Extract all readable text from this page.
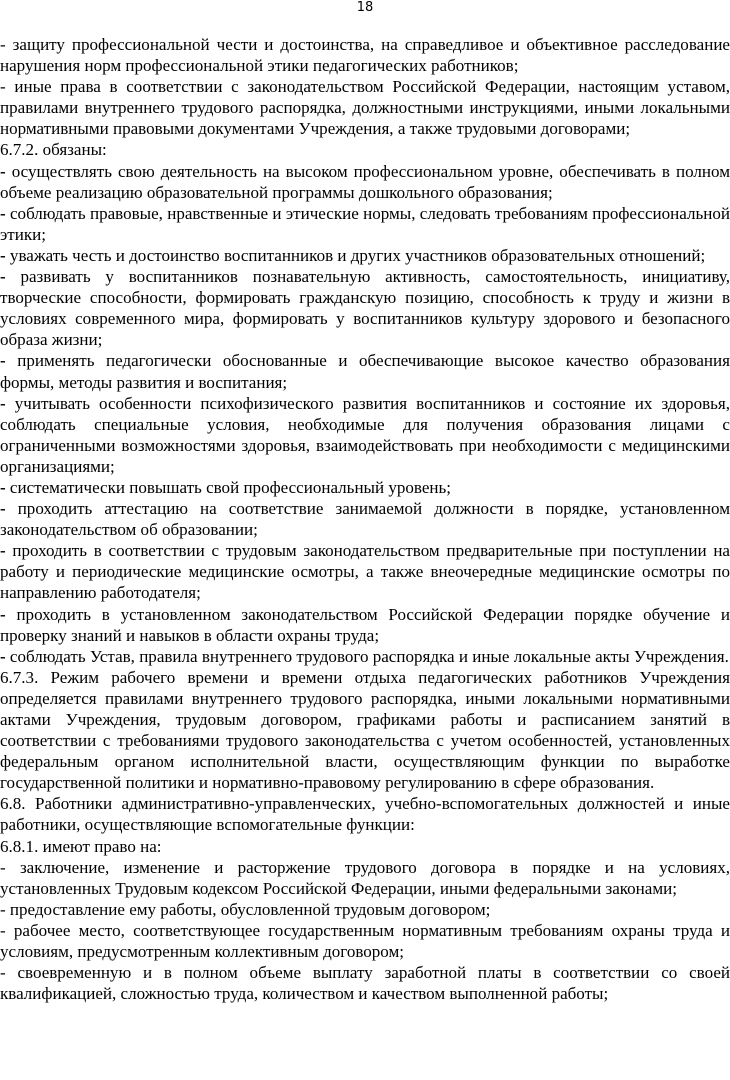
18

- защиту профессиональной чести и достоинства, на справедливое и объективное расследование нарушения норм профессиональной этики педагогических работников;

- иные права в соответствии с законодательством Российской Федерации, настоящим уставом, правилами внутреннего трудового распорядка, должностными инструкциями, иными локальными нормативными правовыми документами Учреждения, а также трудовыми договорами;

6.7.2. обязаны:

- осуществлять свою деятельность на высоком профессиональном уровне, обеспечивать в полном объеме реализацию образовательной программы дошкольного образования;

- соблюдать правовые, нравственные и этические нормы, следовать требованиям профессиональной этики;

- уважать честь и достоинство воспитанников и других участников образовательных отношений;

- развивать у воспитанников познавательную активность, самостоятельность, инициативу, творческие способности, формировать гражданскую позицию, способность к труду и жизни в условиях современного мира, формировать у воспитанников культуру здорового и безопасного образа жизни;

- применять педагогически обоснованные и обеспечивающие высокое качество образования формы, методы развития и воспитания;

- учитывать особенности психофизического развития воспитанников и состояние их здоровья, соблюдать специальные условия, необходимые для получения образования лицами с ограниченными возможностями здоровья, взаимодействовать при необходимости с медицинскими организациями;

- систематически повышать свой профессиональный уровень;

- проходить аттестацию на соответствие занимаемой должности в порядке, установленном законодательством об образовании;

- проходить в соответствии с трудовым законодательством предварительные при поступлении на работу и периодические медицинские осмотры, а также внеочередные медицинские осмотры по направлению работодателя;

- проходить в установленном законодательством Российской Федерации порядке обучение и проверку знаний и навыков в области охраны труда;

- соблюдать Устав, правила внутреннего трудового распорядка и иные локальные акты Учреждения.

6.7.3. Режим рабочего времени и времени отдыха педагогических работников Учреждения определяется правилами внутреннего трудового распорядка, иными локальными нормативными актами Учреждения, трудовым договором, графиками работы и расписанием занятий в соответствии с требованиями трудового законодательства с учетом особенностей, установленных федеральным органом исполнительной власти, осуществляющим функции по выработке государственной политики и нормативно-правовому регулированию в сфере образования.

6.8. Работники административно-управленческих, учебно-вспомогательных должностей и иные работники, осуществляющие вспомогательные функции:

6.8.1. имеют право на:

- заключение, изменение и расторжение трудового договора в порядке и на условиях, установленных Трудовым кодексом Российской Федерации, иными федеральными законами;

- предоставление ему работы, обусловленной трудовым договором;

- рабочее место, соответствующее государственным нормативным требованиям охраны труда и условиям, предусмотренным коллективным договором;

- своевременную и в полном объеме выплату заработной платы в соответствии со своей квалификацией, сложностью труда, количеством и качеством выполненной работы;
